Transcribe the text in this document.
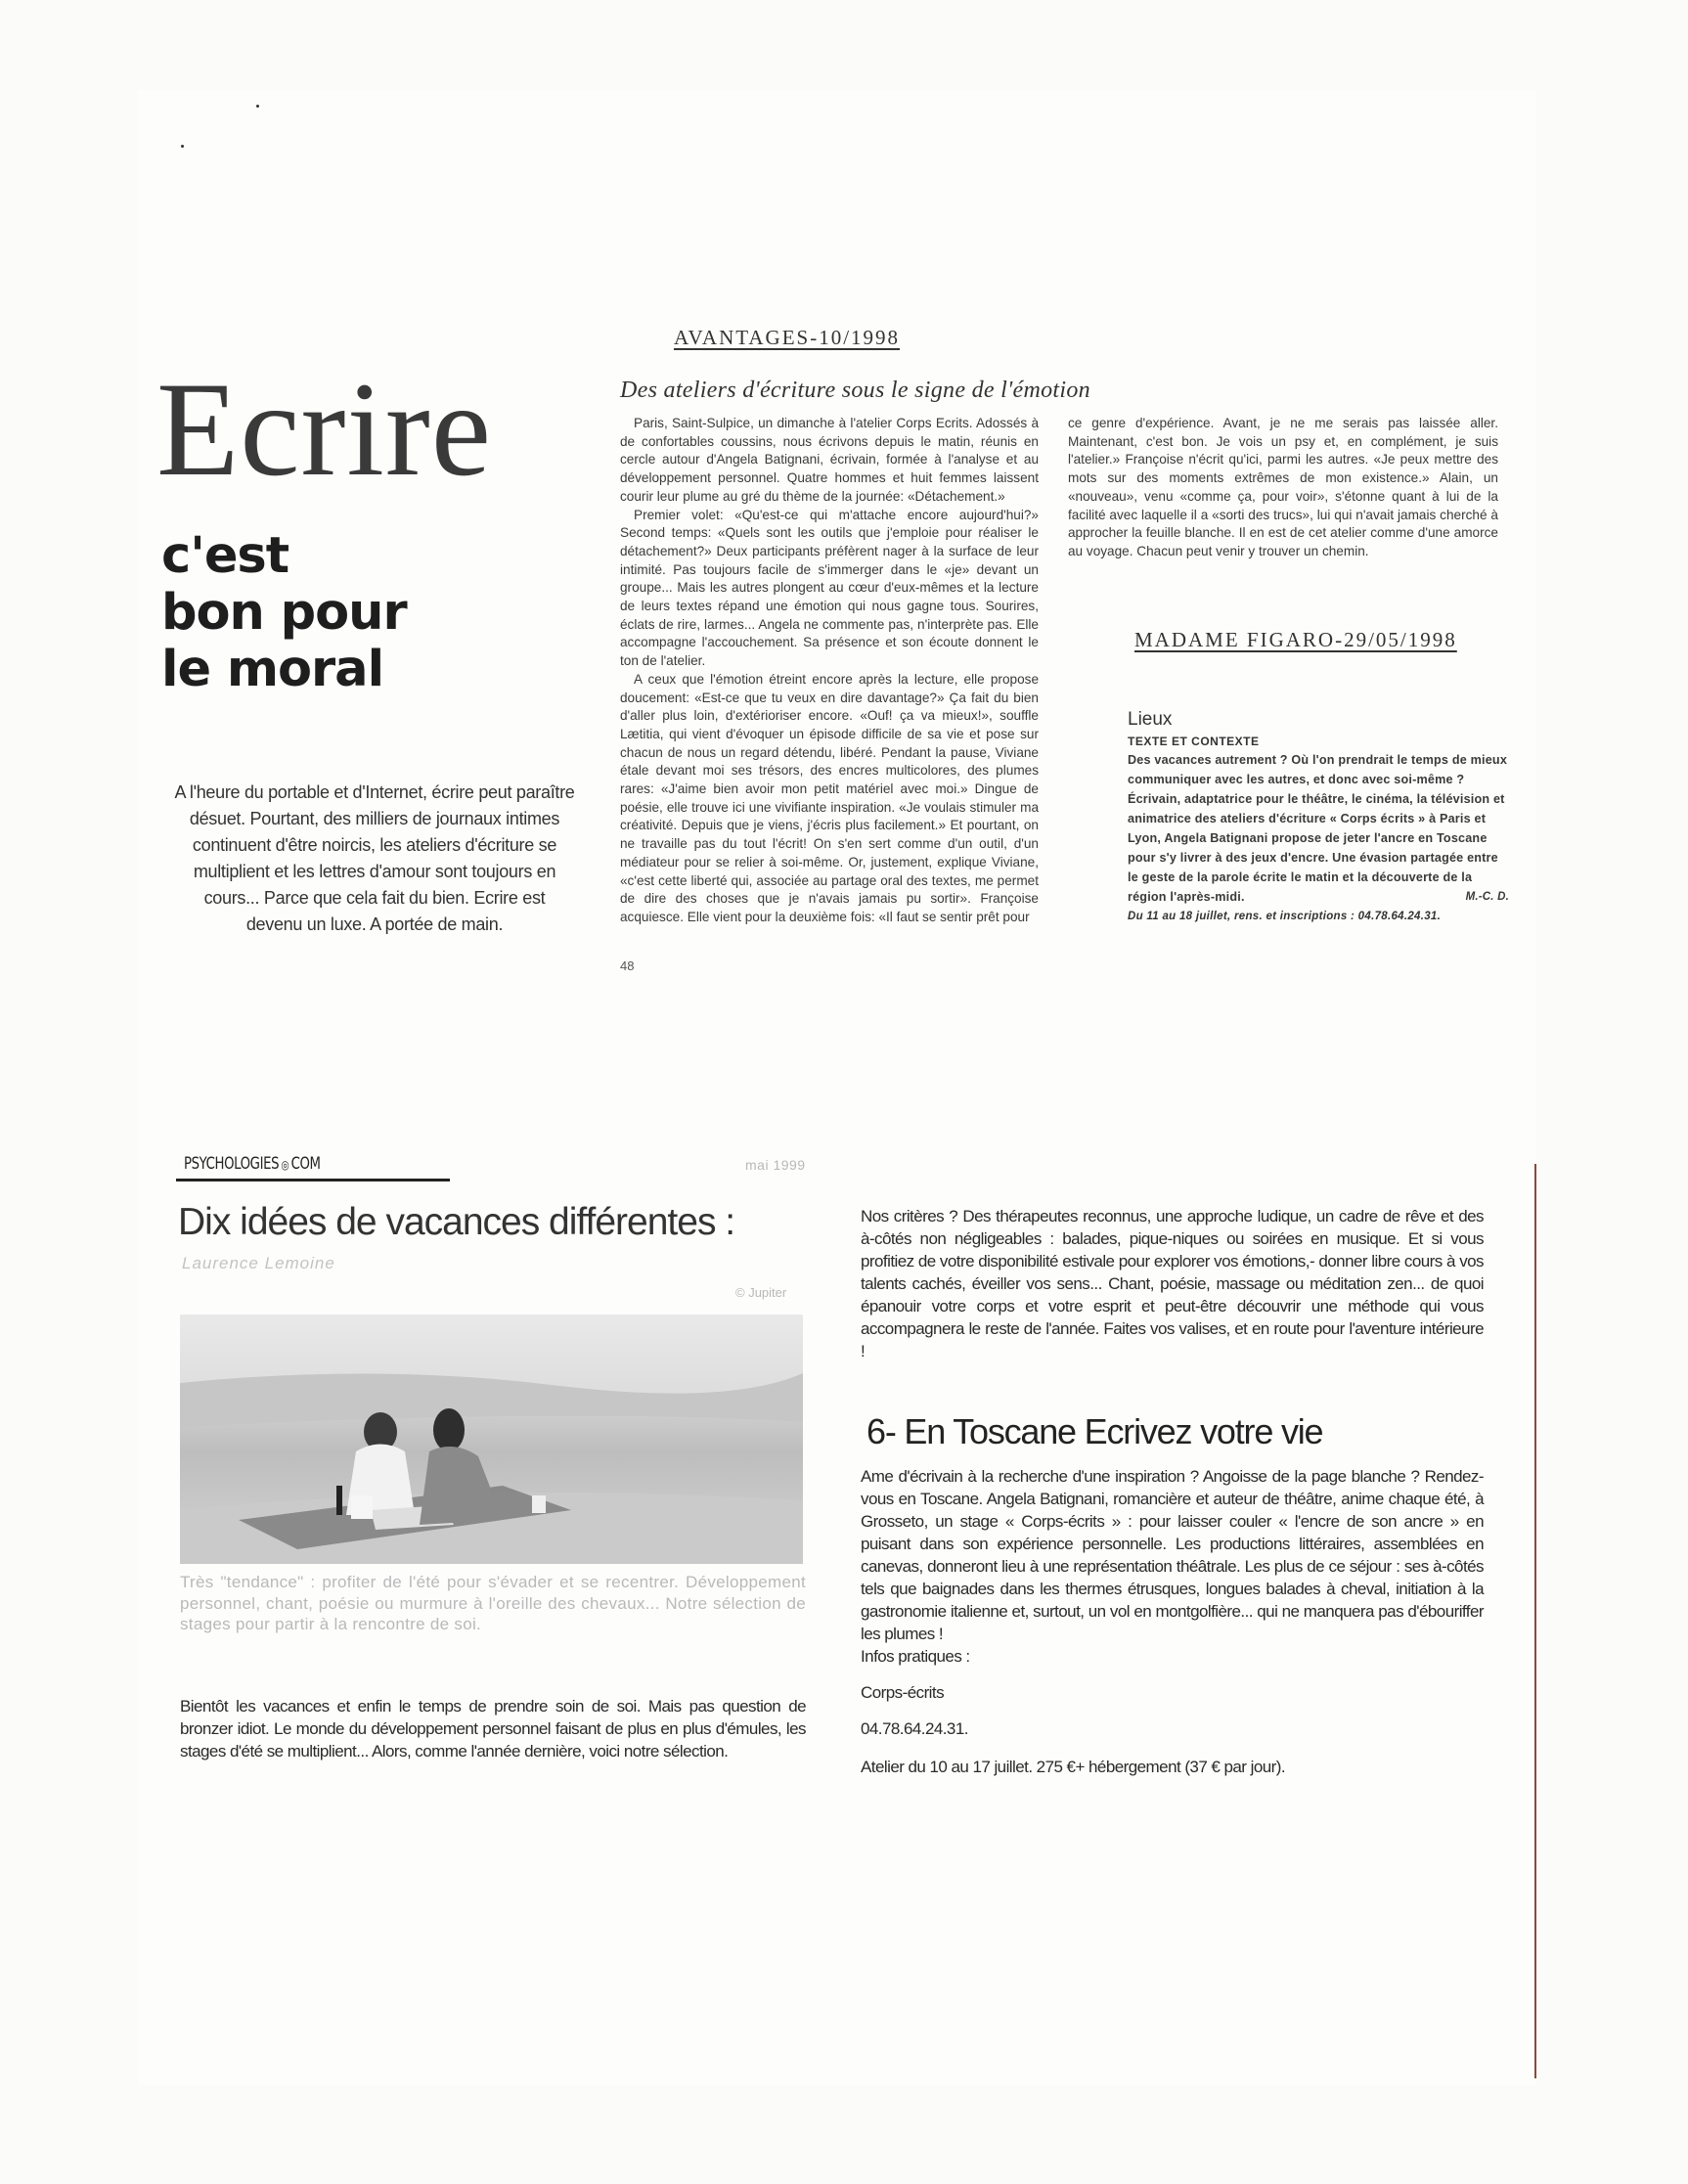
Ecrire
c'est
bon pour
le moral
A l'heure du portable et d'Internet, écrire peut paraître désuet. Pourtant, des milliers de journaux intimes continuent d'être noircis, les ateliers d'écriture se multiplient et les lettres d'amour sont toujours en cours... Parce que cela fait du bien. Ecrire est devenu un luxe. A portée de main.
AVANTAGES-10/1998
Des ateliers d'écriture sous le signe de l'émotion

Paris, Saint-Sulpice, un dimanche à l'atelier Corps Ecrits. Adossés à de confortables coussins, nous écrivons depuis le matin, réunis en cercle autour d'Angela Batignani, écrivain, formée à l'analyse et au développement personnel. Quatre hommes et huit femmes laissent courir leur plume au gré du thème de la journée: «Détachement.»

Premier volet: «Qu'est-ce qui m'attache encore aujourd'hui?» Second temps: «Quels sont les outils que j'emploie pour réaliser le détachement?» Deux participants préfèrent nager à la surface de leur intimité. Pas toujours facile de s'immerger dans le «je» devant un groupe... Mais les autres plongent au cœur d'eux-mêmes et la lecture de leurs textes répand une émotion qui nous gagne tous. Sourires, éclats de rire, larmes... Angela ne commente pas, n'interprète pas. Elle accompagne l'accouchement. Sa présence et son écoute donnent le ton de l'atelier.

A ceux que l'émotion étreint encore après la lecture, elle propose doucement: «Est-ce que tu veux en dire davantage?» Ça fait du bien d'aller plus loin, d'extérioriser encore. «Ouf! ça va mieux!», souffle Lætitia, qui vient d'évoquer un épisode difficile de sa vie et pose sur chacun de nous un regard détendu, libéré. Pendant la pause, Viviane étale devant moi ses trésors, des encres multicolores, des plumes rares: «J'aime bien avoir mon petit matériel avec moi.» Dingue de poésie, elle trouve ici une vivifiante inspiration. «Je voulais stimuler ma créativité. Depuis que je viens, j'écris plus facilement.» Et pourtant, on ne travaille pas du tout l'écrit! On s'en sert comme d'un outil, d'un médiateur pour se relier à soi-même. Or, justement, explique Viviane, «c'est cette liberté qui, associée au partage oral des textes, me permet de dire des choses que je n'avais jamais pu sortir». Françoise acquiesce. Elle vient pour la deuxième fois: «Il faut se sentir prêt pour

ce genre d'expérience. Avant, je ne me serais pas laissée aller. Maintenant, c'est bon. Je vois un psy et, en complément, je suis l'atelier.» Françoise n'écrit qu'ici, parmi les autres. «Je peux mettre des mots sur des moments extrêmes de mon existence.» Alain, un «nouveau», venu «comme ça, pour voir», s'étonne quant à lui de la facilité avec laquelle il a «sorti des trucs», lui qui n'avait jamais cherché à approcher la feuille blanche. Il en est de cet atelier comme d'une amorce au voyage. Chacun peut venir y trouver un chemin.

48
MADAME FIGARO-29/05/1998
Lieux
TEXTE ET CONTEXTE
Des vacances autrement ? Où l'on prendrait le temps de mieux communiquer avec les autres, et donc avec soi-même ? Écrivain, adaptatrice pour le théâtre, le cinéma, la télévision et animatrice des ateliers d'écriture « Corps écrits » à Paris et Lyon, Angela Batignani propose de jeter l'ancre en Toscane pour s'y livrer à des jeux d'encre. Une évasion partagée entre le geste de la parole écrite le matin et la découverte de la région l'après-midi.	M.-C. D.
Du 11 au 18 juillet, rens. et inscriptions : 04.78.64.24.31.
PSYCHOLOGIES ◎ COM	mai 1999
Dix idées de vacances différentes :
Laurence Lemoine
© Jupiter
Très "tendance" : profiter de l'été pour s'évader et se recentrer. Développement personnel, chant, poésie ou murmure à l'oreille des chevaux... Notre sélection de stages pour partir à la rencontre de soi.
Bientôt les vacances et enfin le temps de prendre soin de soi. Mais pas question de bronzer idiot. Le monde du développement personnel faisant de plus en plus d'émules, les stages d'été se multiplient... Alors, comme l'année dernière, voici notre sélection.
Nos critères ? Des thérapeutes reconnus, une approche ludique, un cadre de rêve et des à-côtés non négligeables : balades, pique-niques ou soirées en musique. Et si vous profitiez de votre disponibilité estivale pour explorer vos émotions,- donner libre cours à vos talents cachés, éveiller vos sens... Chant, poésie, massage ou méditation zen... de quoi épanouir votre corps et votre esprit et peut-être découvrir une méthode qui vous accompagnera le reste de l'année. Faites vos valises, et en route pour l'aventure intérieure !
6- En Toscane Ecrivez votre vie
Ame d'écrivain à la recherche d'une inspiration ? Angoisse de la page blanche ? Rendez-vous en Toscane. Angela Batignani, romancière et auteur de théâtre, anime chaque été, à Grosseto, un stage « Corps-écrits » : pour laisser couler « l'encre de son ancre » en puisant dans son expérience personnelle. Les productions littéraires, assemblées en canevas, donneront lieu à une représentation théâtrale. Les plus de ce séjour : ses à-côtés tels que baignades dans les thermes étrusques, longues balades à cheval, initiation à la gastronomie italienne et, surtout, un vol en montgolfière... qui ne manquera pas d'ébouriffer les plumes !
Infos pratiques :
Corps-écrits
04.78.64.24.31.
Atelier du 10 au 17 juillet. 275 €+ hébergement (37 € par jour).
